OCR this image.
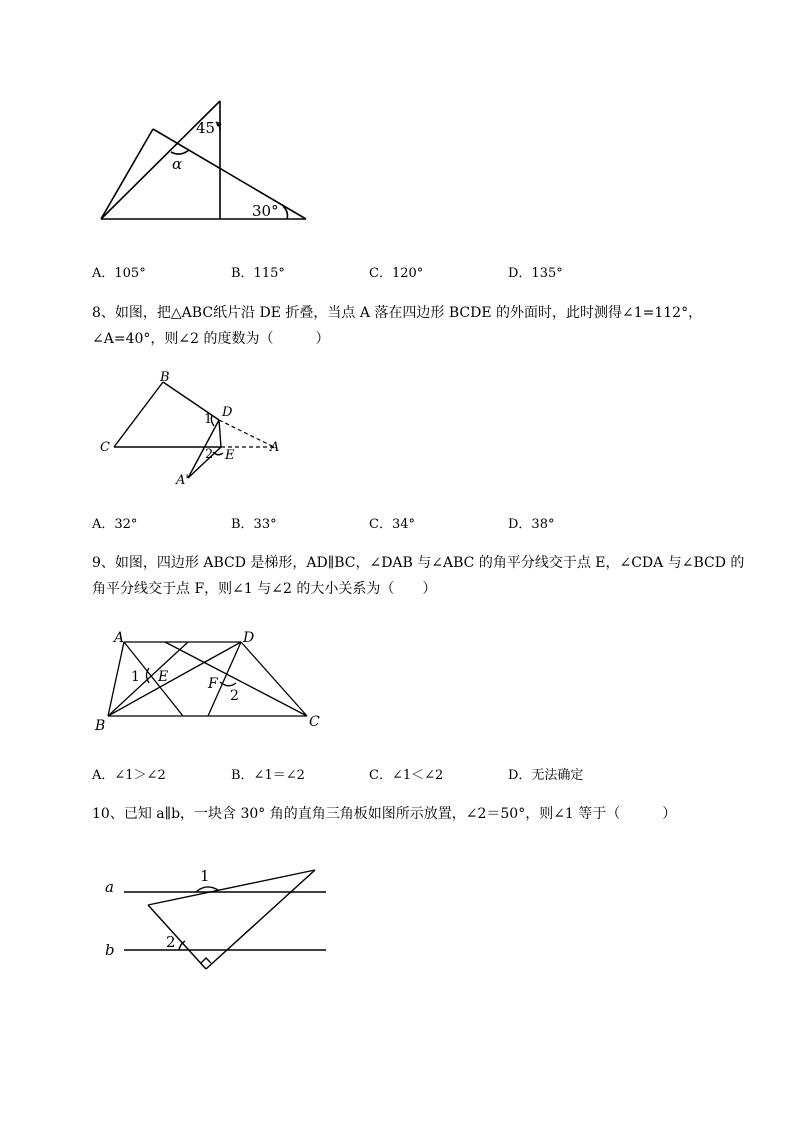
45°
α
30°
A．105°	B．115°	C．120°	D．135°
8、如图，把△ABC纸片沿 DE 折叠，当点 A 落在四边形 BCDE 的外面时，此时测得∠1=112°，
∠A=40°，则∠2 的度数为（　　　）
B
D
1
C	A
2 E
A'
A．32°	B．33°	C．34°	D．38°
9、如图，四边形 ABCD 是梯形，AD∥BC，∠DAB 与∠ABC 的角平分线交于点 E，∠CDA 与∠BCD 的
角平分线交于点 F，则∠1 与∠2 的大小关系为（　　）
A	D
1 E	F
2
B	C
A．∠1＞∠2	B．∠1＝∠2	C．∠1＜∠2	D．无法确定
10、已知 a∥b，一块含 30° 角的直角三角板如图所示放置，∠2＝50°，则∠1 等于（　　　）
1
a
2
b
